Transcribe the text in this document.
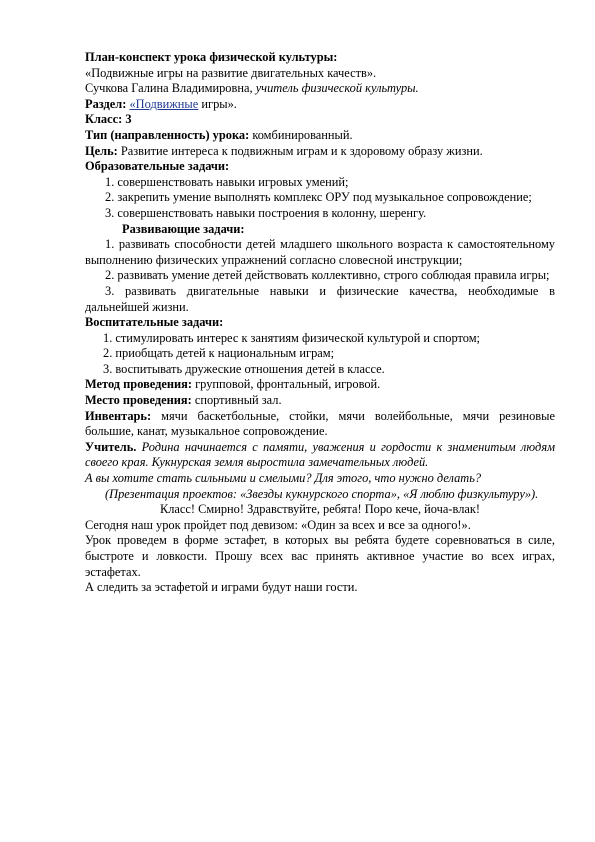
План-конспект урока физической культуры:

«Подвижные игры на развитие двигательных качеств».

Сучкова Галина Владимировна, учитель физической культуры.

Раздел: «Подвижные игры».

Класс: 3

Тип (направленность) урока: комбинированный.

Цель: Развитие интереса к подвижным играм и к здоровому образу жизни.

Образовательные задачи:

1. совершенствовать навыки игровых умений;

2. закрепить умение выполнять комплекс ОРУ под музыкальное сопровождение;

3. совершенствовать навыки построения в колонну, шеренгу.

Развивающие задачи:

1. развивать способности детей младшего школьного возраста к самостоятельному выполнению физических упражнений согласно словесной инструкции;

2. развивать умение детей действовать коллективно, строго соблюдая правила игры;

3. развивать двигательные навыки и физические качества, необходимые в дальнейшей жизни.

Воспитательные задачи:

1. стимулировать интерес к занятиям физической культурой и спортом;

2. приобщать детей к национальным играм;

3. воспитывать дружеские отношения детей в классе.

Метод проведения: групповой, фронтальный, игровой.

Место проведения: спортивный зал.

Инвентарь: мячи баскетбольные, стойки, мячи волейбольные, мячи резиновые большие, канат, музыкальное сопровождение.

Учитель. Родина начинается с памяти, уважения и гордости к знаменитым людям своего края. Кукнурская земля выростила замечательных людей.

А вы хотите стать сильными и смелыми? Для этого, что нужно делать?

(Презентация проектов: «Звезды кукнурского спорта», «Я люблю физкультуру»).

Класс! Смирно! Здравствуйте, ребята! Поро кече, йоча-влак!

Сегодня наш урок пройдет под девизом: «Один за всех и все за одного!».

Урок проведем в форме эстафет, в которых вы ребята будете соревноваться в силе, быстроте и ловкости. Прошу всех вас принять активное участие во всех играх, эстафетах.

А следить за эстафетой и играми будут наши гости.
